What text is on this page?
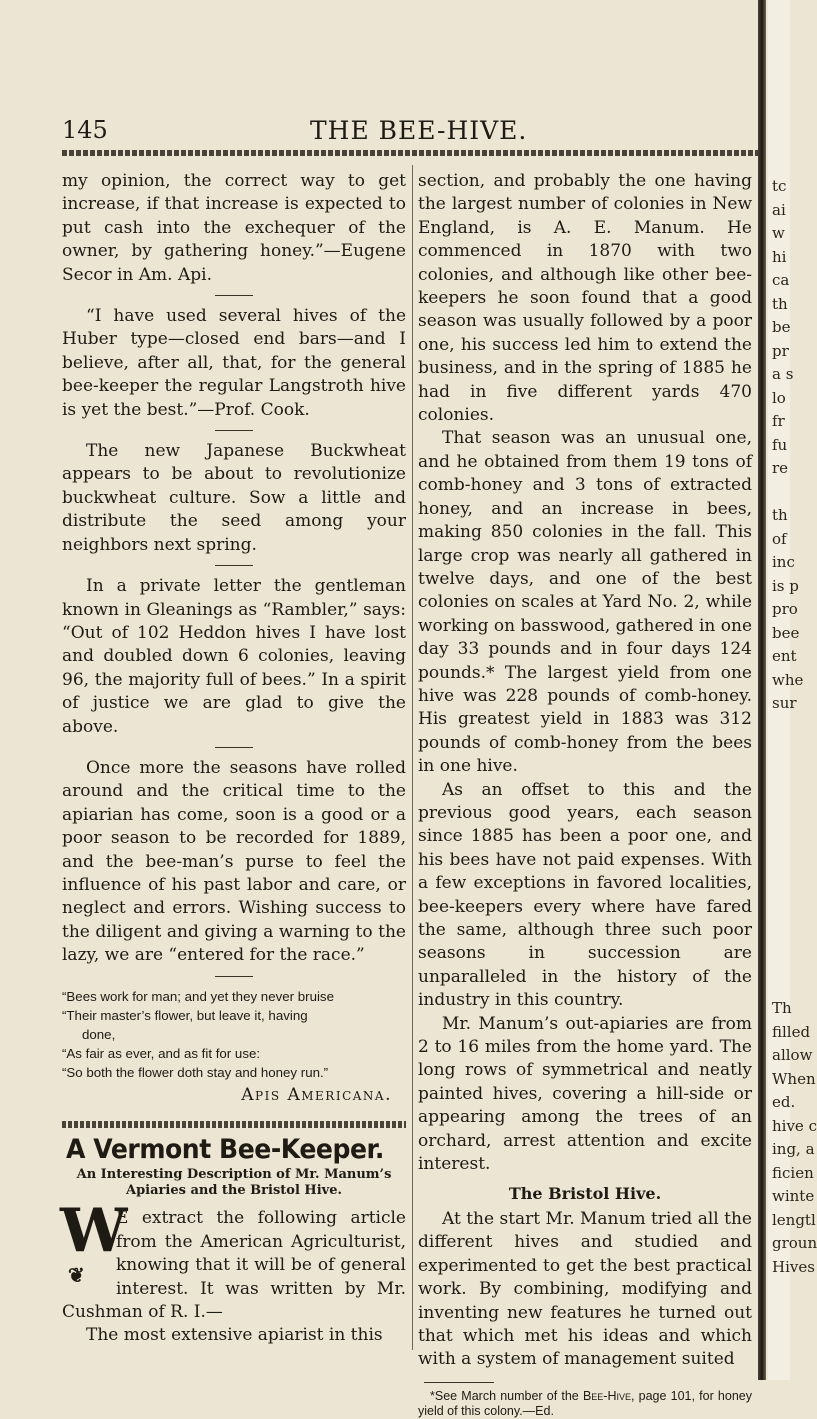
145	THE BEE-HIVE.

my opinion, the correct way to get increase, if that increase is expected to put cash into the exchequer of the owner, by gathering honey.”—Eugene Secor in Am. Api.

“I have used several hives of the Huber type—closed end bars—and I believe, after all, that, for the general bee-keeper the regular Langstroth hive is yet the best.”—Prof. Cook.

The new Japanese Buckwheat appears to be about to revolutionize buckwheat culture. Sow a little and distribute the seed among your neighbors next spring.

In a private letter the gentleman known in Gleanings as “Rambler,” says: “Out of 102 Heddon hives I have lost and doubled down 6 colonies, leaving 96, the majority full of bees.” In a spirit of justice we are glad to give the above.

Once more the seasons have rolled around and the critical time to the apiarian has come, soon is a good or a poor season to be recorded for 1889, and the bee-man’s purse to feel the influence of his past labor and care, or neglect and errors. Wishing success to the diligent and giving a warning to the lazy, we are “entered for the race.”

“Bees work for man; and yet they never bruise
“Their master’s flower, but leave it, having
done,
“As fair as ever, and as fit for use:
“So both the flower doth stay and honey run.”
Apis Americana.
A Vermont Bee-Keeper.
An Interesting Description of Mr. Manum’s Apiaries and the Bristol Hive.
W
❦

E extract the following article from the American Agriculturist, knowing that it will be of general interest. It was written by Mr. Cushman of R. I.—

The most extensive apiarist in this

section, and probably the one having the largest number of colonies in New England, is A. E. Manum. He commenced in 1870 with two colonies, and although like other bee-keepers he soon found that a good season was usually followed by a poor one, his success led him to extend the business, and in the spring of 1885 he had in five different yards 470 colonies.

That season was an unusual one, and he obtained from them 19 tons of comb-honey and 3 tons of extracted honey, and an increase in bees, making 850 colonies in the fall. This large crop was nearly all gathered in twelve days, and one of the best colonies on scales at Yard No. 2, while working on basswood, gathered in one day 33 pounds and in four days 124 pounds.* The largest yield from one hive was 228 pounds of comb-honey. His greatest yield in 1883 was 312 pounds of comb-honey from the bees in one hive.

As an offset to this and the previous good years, each season since 1885 has been a poor one, and his bees have not paid expenses. With a few exceptions in favored localities, bee-keepers every where have fared the same, although three such poor seasons in succession are unparalleled in the history of the industry in this country.

Mr. Manum’s out-apiaries are from 2 to 16 miles from the home yard. The long rows of symmetrical and neatly painted hives, covering a hill-side or appearing among the trees of an orchard, arrest attention and excite interest.

The Bristol Hive.

At the start Mr. Manum tried all the different hives and studied and experimented to get the best practical work. By combining, modifying and inventing new features he turned out that which met his ideas and which with a system of management suited

*See March number of the Bee-Hive, page 101, for honey yield of this colony.—Ed.

tc
ai
w
hi
ca
th
be
pr
a s
lo
fr
fu
re
th
of
inc
is p
pro
bee
ent
whe
sur
Th
filled
allow
When
ed.
hive c
ing, a
ficien
winte
lengtl
groun
Hives
